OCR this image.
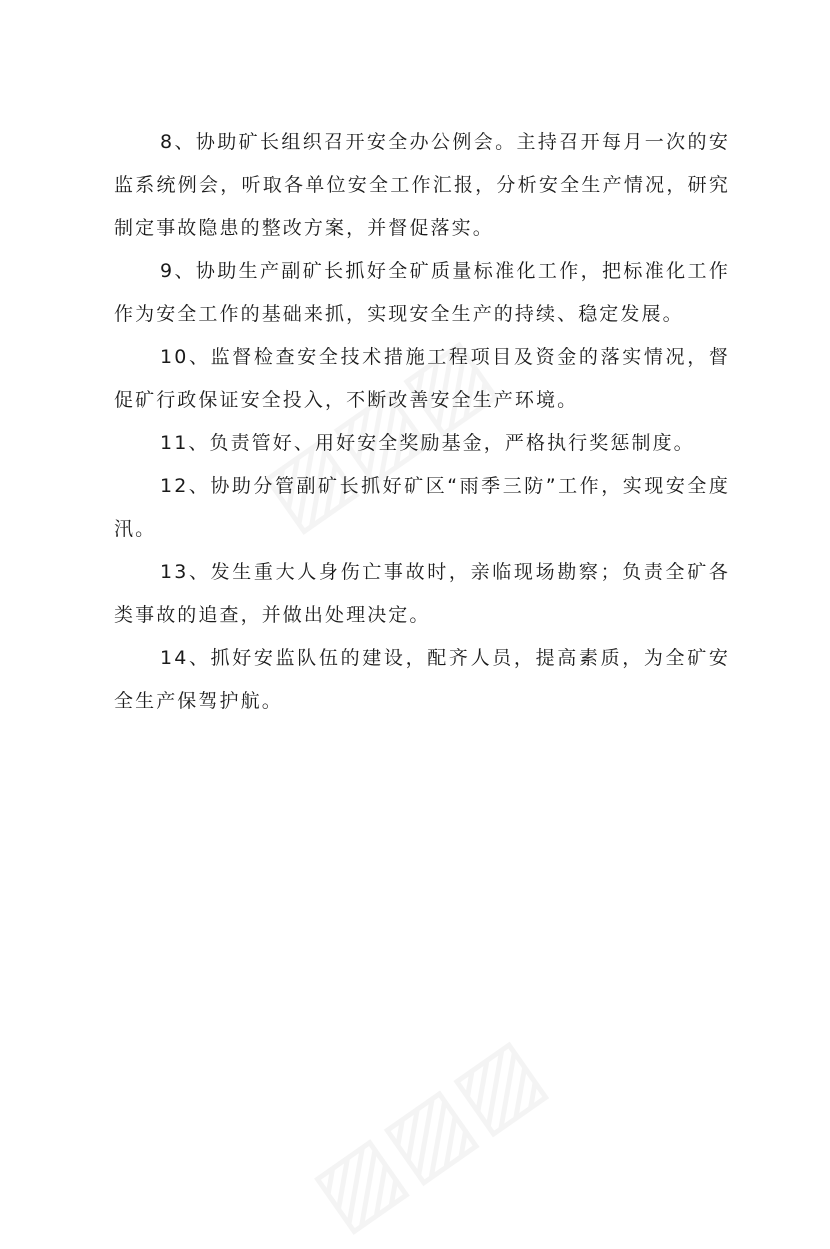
8、协助矿长组织召开安全办公例会。主持召开每月一次的安监系统例会，听取各单位安全工作汇报，分析安全生产情况，研究制定事故隐患的整改方案，并督促落实。

9、协助生产副矿长抓好全矿质量标准化工作，把标准化工作作为安全工作的基础来抓，实现安全生产的持续、稳定发展。

10、监督检查安全技术措施工程项目及资金的落实情况，督促矿行政保证安全投入，不断改善安全生产环境。

11、负责管好、用好安全奖励基金，严格执行奖惩制度。

12、协助分管副矿长抓好矿区“雨季三防”工作，实现安全度汛。

13、发生重大人身伤亡事故时，亲临现场勘察；负责全矿各类事故的追查，并做出处理决定。

14、抓好安监队伍的建设，配齐人员，提高素质，为全矿安全生产保驾护航。
